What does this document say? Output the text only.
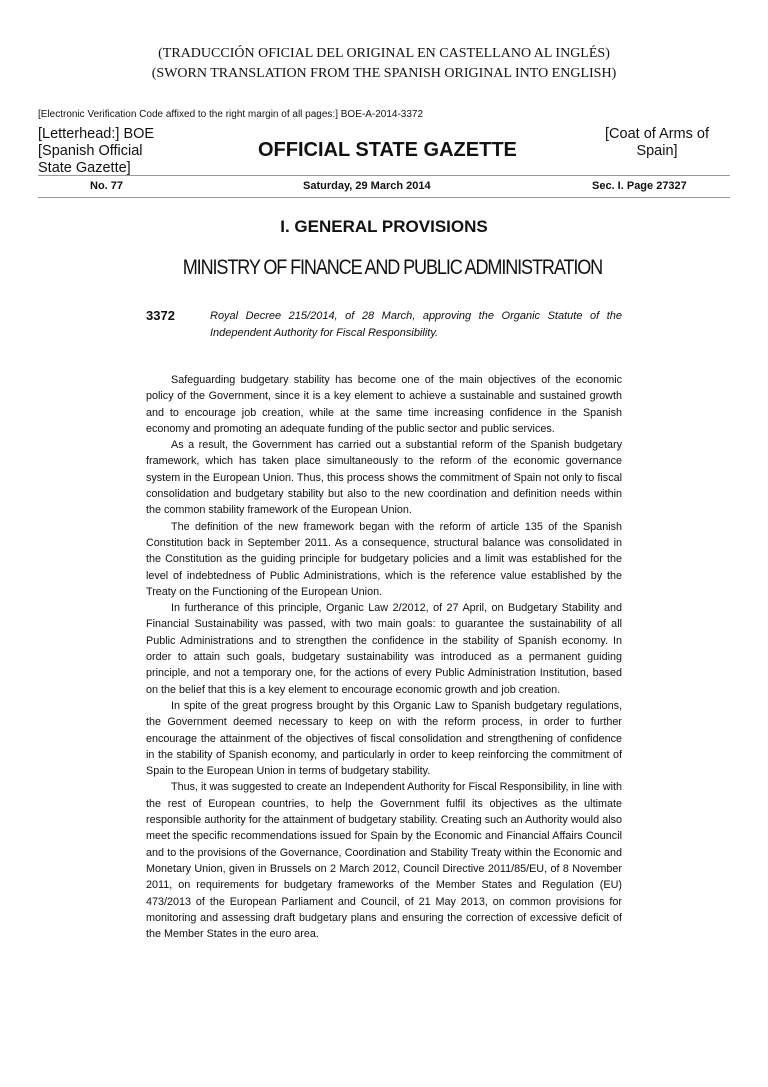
(TRADUCCIÓN OFICIAL DEL ORIGINAL EN CASTELLANO AL INGLÉS)
(SWORN TRANSLATION FROM THE SPANISH ORIGINAL INTO ENGLISH)
[Electronic Verification Code affixed to the right margin of all pages:] BOE-A-2014-3372
[Letterhead:] BOE
[Spanish Official
State Gazette]
OFFICIAL STATE GAZETTE
[Coat of Arms of
Spain]
No. 77	Saturday, 29 March 2014	Sec. I. Page 27327
I. GENERAL PROVISIONS
MINISTRY OF FINANCE AND PUBLIC ADMINISTRATION
3372	Royal Decree 215/2014, of 28 March, approving the Organic Statute of the Independent Authority for Fiscal Responsibility.

Safeguarding budgetary stability has become one of the main objectives of the economic policy of the Government, since it is a key element to achieve a sustainable and sustained growth and to encourage job creation, while at the same time increasing confidence in the Spanish economy and promoting an adequate funding of the public sector and public services.

As a result, the Government has carried out a substantial reform of the Spanish budgetary framework, which has taken place simultaneously to the reform of the economic governance system in the European Union. Thus, this process shows the commitment of Spain not only to fiscal consolidation and budgetary stability but also to the new coordination and definition needs within the common stability framework of the European Union.

The definition of the new framework began with the reform of article 135 of the Spanish Constitution back in September 2011. As a consequence, structural balance was consolidated in the Constitution as the guiding principle for budgetary policies and a limit was established for the level of indebtedness of Public Administrations, which is the reference value established by the Treaty on the Functioning of the European Union.

In furtherance of this principle, Organic Law 2/2012, of 27 April, on Budgetary Stability and Financial Sustainability was passed, with two main goals: to guarantee the sustainability of all Public Administrations and to strengthen the confidence in the stability of Spanish economy. In order to attain such goals, budgetary sustainability was introduced as a permanent guiding principle, and not a temporary one, for the actions of every Public Administration Institution, based on the belief that this is a key element to encourage economic growth and job creation.

In spite of the great progress brought by this Organic Law to Spanish budgetary regulations, the Government deemed necessary to keep on with the reform process, in order to further encourage the attainment of the objectives of fiscal consolidation and strengthening of confidence in the stability of Spanish economy, and particularly in order to keep reinforcing the commitment of Spain to the European Union in terms of budgetary stability.

Thus, it was suggested to create an Independent Authority for Fiscal Responsibility, in line with the rest of European countries, to help the Government fulfil its objectives as the ultimate responsible authority for the attainment of budgetary stability. Creating such an Authority would also meet the specific recommendations issued for Spain by the Economic and Financial Affairs Council and to the provisions of the Governance, Coordination and Stability Treaty within the Economic and Monetary Union, given in Brussels on 2 March 2012, Council Directive 2011/85/EU, of 8 November 2011, on requirements for budgetary frameworks of the Member States and Regulation (EU) 473/2013 of the European Parliament and Council, of 21 May 2013, on common provisions for monitoring and assessing draft budgetary plans and ensuring the correction of excessive deficit of the Member States in the euro area.
